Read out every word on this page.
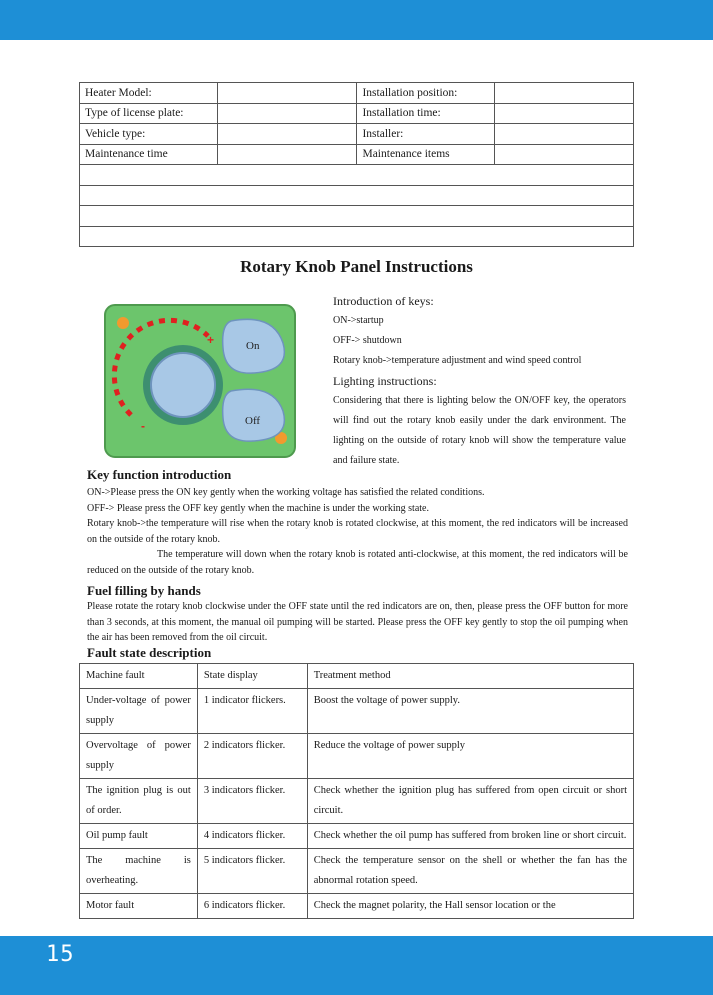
Heater Model:		Installation position:	
Type of license plate:		Installation time:	
Vehicle type:		Installer:	
Maintenance time		Maintenance items	

Rotary Knob Panel Instructions
On
Off
+
-
Introduction of keys:
ON->startup
OFF-> shutdown
Rotary knob->temperature adjustment and wind speed control
Lighting instructions:
Considering that there is lighting below the ON/OFF key, the operators will find out the rotary knob easily under the dark environment. The lighting on the outside of rotary knob will show the temperature value and failure state.
Key function introduction
ON->Please press the ON key gently when the working voltage has satisfied the related conditions.
OFF-> Please press the OFF key gently when the machine is under the working state.
Rotary knob->the temperature will rise when the rotary knob is rotated clockwise, at this moment, the red indicators will be increased on the outside of the rotary knob.
The temperature will down when the rotary knob is rotated anti-clockwise, at this moment, the red indicators will be reduced on the outside of the rotary knob.
Fuel filling by hands
Please rotate the rotary knob clockwise under the OFF state until the red indicators are on, then, please press the OFF button for more than 3 seconds, at this moment, the manual oil pumping will be started. Please press the OFF key gently to stop the oil pumping when the air has been removed from the oil circuit.
Fault state description
Machine fault	State display	Treatment method
Under-voltage of power supply	1 indicator flickers.	Boost the voltage of power supply.
Overvoltage of power supply	2 indicators flicker.	Reduce the voltage of power supply
The ignition plug is out of order.	3 indicators flicker.	Check whether the ignition plug has suffered from open circuit or short circuit.
Oil pump fault	4 indicators flicker.	Check whether the oil pump has suffered from broken line or short circuit.
The machine is overheating.	5 indicators flicker.	Check the temperature sensor on the shell or whether the fan has the abnormal rotation speed.
Motor fault	6 indicators flicker.	Check the magnet polarity, the Hall sensor location or the
15
